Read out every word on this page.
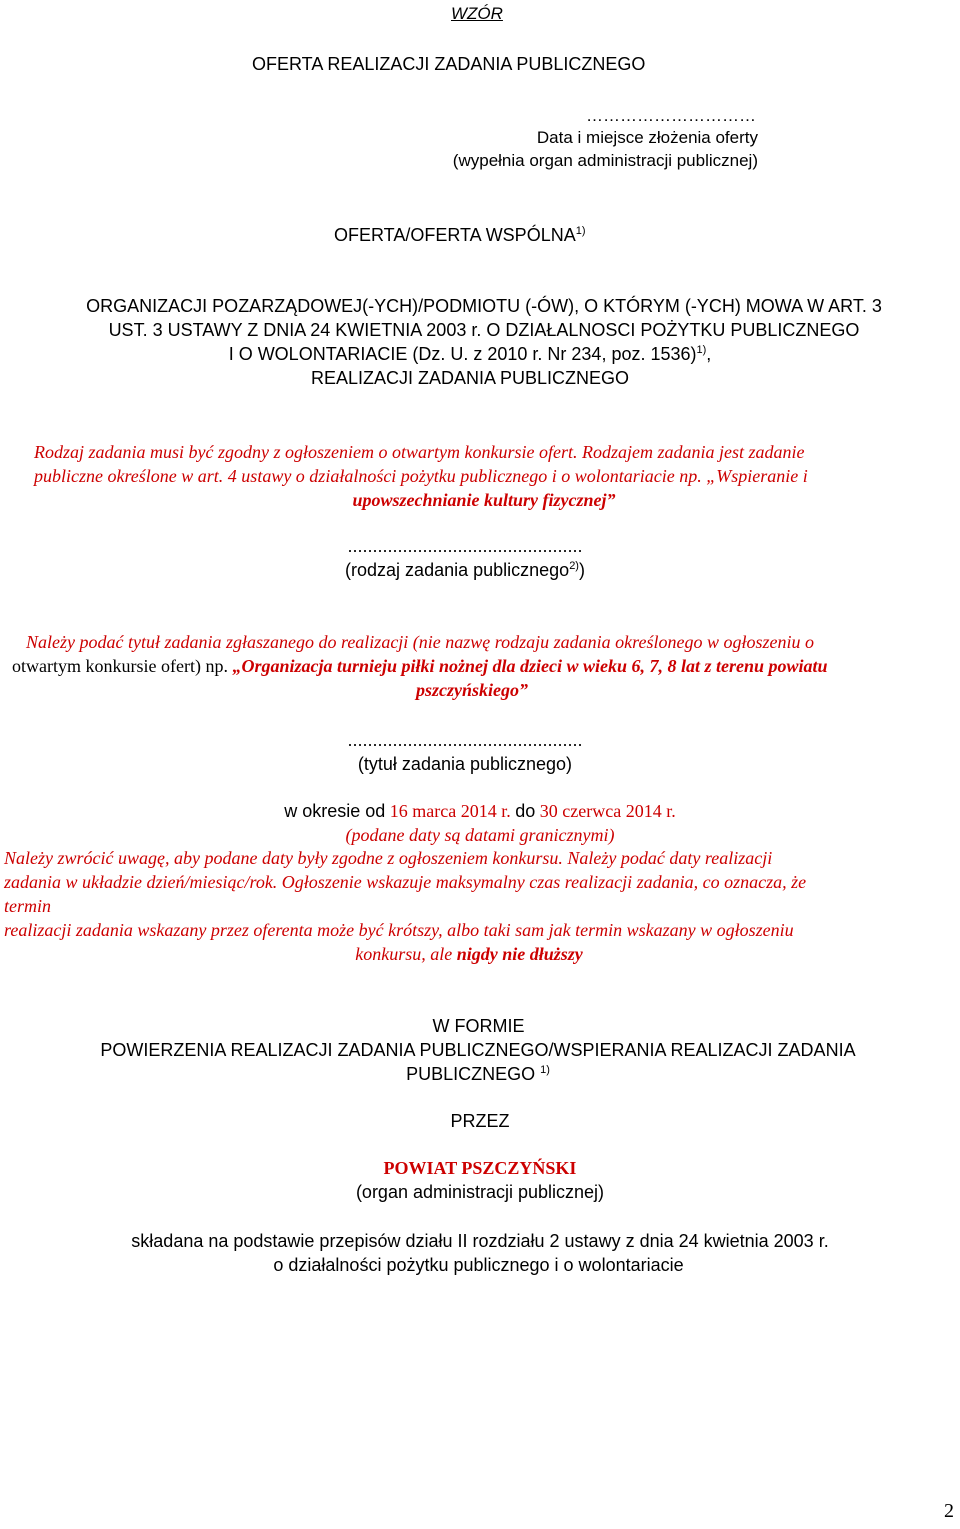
WZÓR
OFERTA REALIZACJI ZADANIA PUBLICZNEGO
…………………………
Data i miejsce złożenia oferty
(wypełnia organ administracji publicznej)
OFERTA/OFERTA WSPÓLNA$^{1)}$
ORGANIZACJI POZARZĄDOWEJ(-YCH)/PODMIOTU (-ÓW), O KTÓRYM (-YCH) MOWA W ART. 3
UST. 3 USTAWY Z DNIA 24 KWIETNIA 2003 r. O DZIAŁALNOSCI POŻYTKU PUBLICZNEGO
I O WOLONTARIACIE (Dz. U. z 2010 r. Nr 234, poz. 1536)$^{1)}$,
REALIZACJI ZADANIA PUBLICZNEGO
Rodzaj zadania musi być zgodny z ogłoszeniem o otwartym konkursie ofert. Rodzajem zadania jest zadanie
publiczne określone w art. 4 ustawy o działalności pożytku publicznego i o wolontariacie np. „Wspieranie i
upowszechnianie kultury fizycznej”
...............................................
(rodzaj zadania publicznego$^{2)}$)
Należy podać tytuł zadania zgłaszanego do realizacji (nie nazwę rodzaju zadania określonego w ogłoszeniu o
otwartym konkursie ofert) np. „Organizacja turnieju piłki nożnej dla dzieci w wieku 6, 7, 8 lat z terenu powiatu
pszczyńskiego”
...............................................
(tytuł zadania publicznego)
w okresie od 16 marca 2014 r. do 30 czerwca 2014 r.
(podane daty są datami granicznymi)
Należy zwrócić uwagę, aby podane daty były zgodne z ogłoszeniem konkursu. Należy podać daty realizacji
zadania w układzie dzień/miesiąc/rok. Ogłoszenie wskazuje maksymalny czas realizacji zadania, co oznacza, że
termin
realizacji zadania wskazany przez oferenta może być krótszy, albo taki sam jak termin wskazany w ogłoszeniu
konkursu, ale nigdy nie dłuższy
W FORMIE
POWIERZENIA REALIZACJI ZADANIA PUBLICZNEGO/WSPIERANIA REALIZACJI ZADANIA
PUBLICZNEGO $^{1)}$
PRZEZ
POWIAT PSZCZYŃSKI
(organ administracji publicznej)
składana na podstawie przepisów działu II rozdziału 2 ustawy z dnia 24 kwietnia 2003 r.
o działalności pożytku publicznego i o wolontariacie
2
